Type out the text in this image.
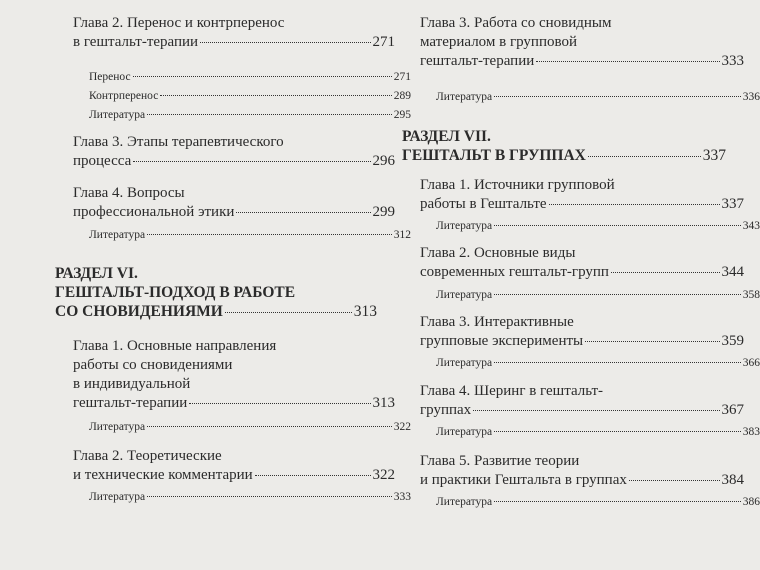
Глава 2. Перенос и контрперенос
в гештальт-терапии	271
Перенос	271
Контрперенос	289
Литература	295
Глава 3. Этапы терапевтического
процесса	296
Глава 4. Вопросы
профессиональной этики	299
Литература	312
РАЗДЕЛ VI.
ГЕШТАЛЬТ-ПОДХОД В РАБОТЕ
СО СНОВИДЕНИЯМИ	313
Глава 1. Основные направления
работы со сновидениями
в индивидуальной
гештальт-терапии	313
Литература	322
Глава 2. Теоретические
и технические комментарии	322
Литература	333
Глава 3. Работа со сновидным
материалом в групповой
гештальт-терапии	333
Литература	336
РАЗДЕЛ VII.
ГЕШТАЛЬТ В ГРУППАХ	337
Глава 1. Источники групповой
работы в Гештальте	337
Литература	343
Глава 2. Основные виды
современных гештальт-групп	344
Литература	358
Глава 3. Интерактивные
групповые эксперименты	359
Литература	366
Глава 4. Шеринг в гештальт-
группах	367
Литература	383
Глава 5. Развитие теории
и практики Гештальта в группах	384
Литература	386
